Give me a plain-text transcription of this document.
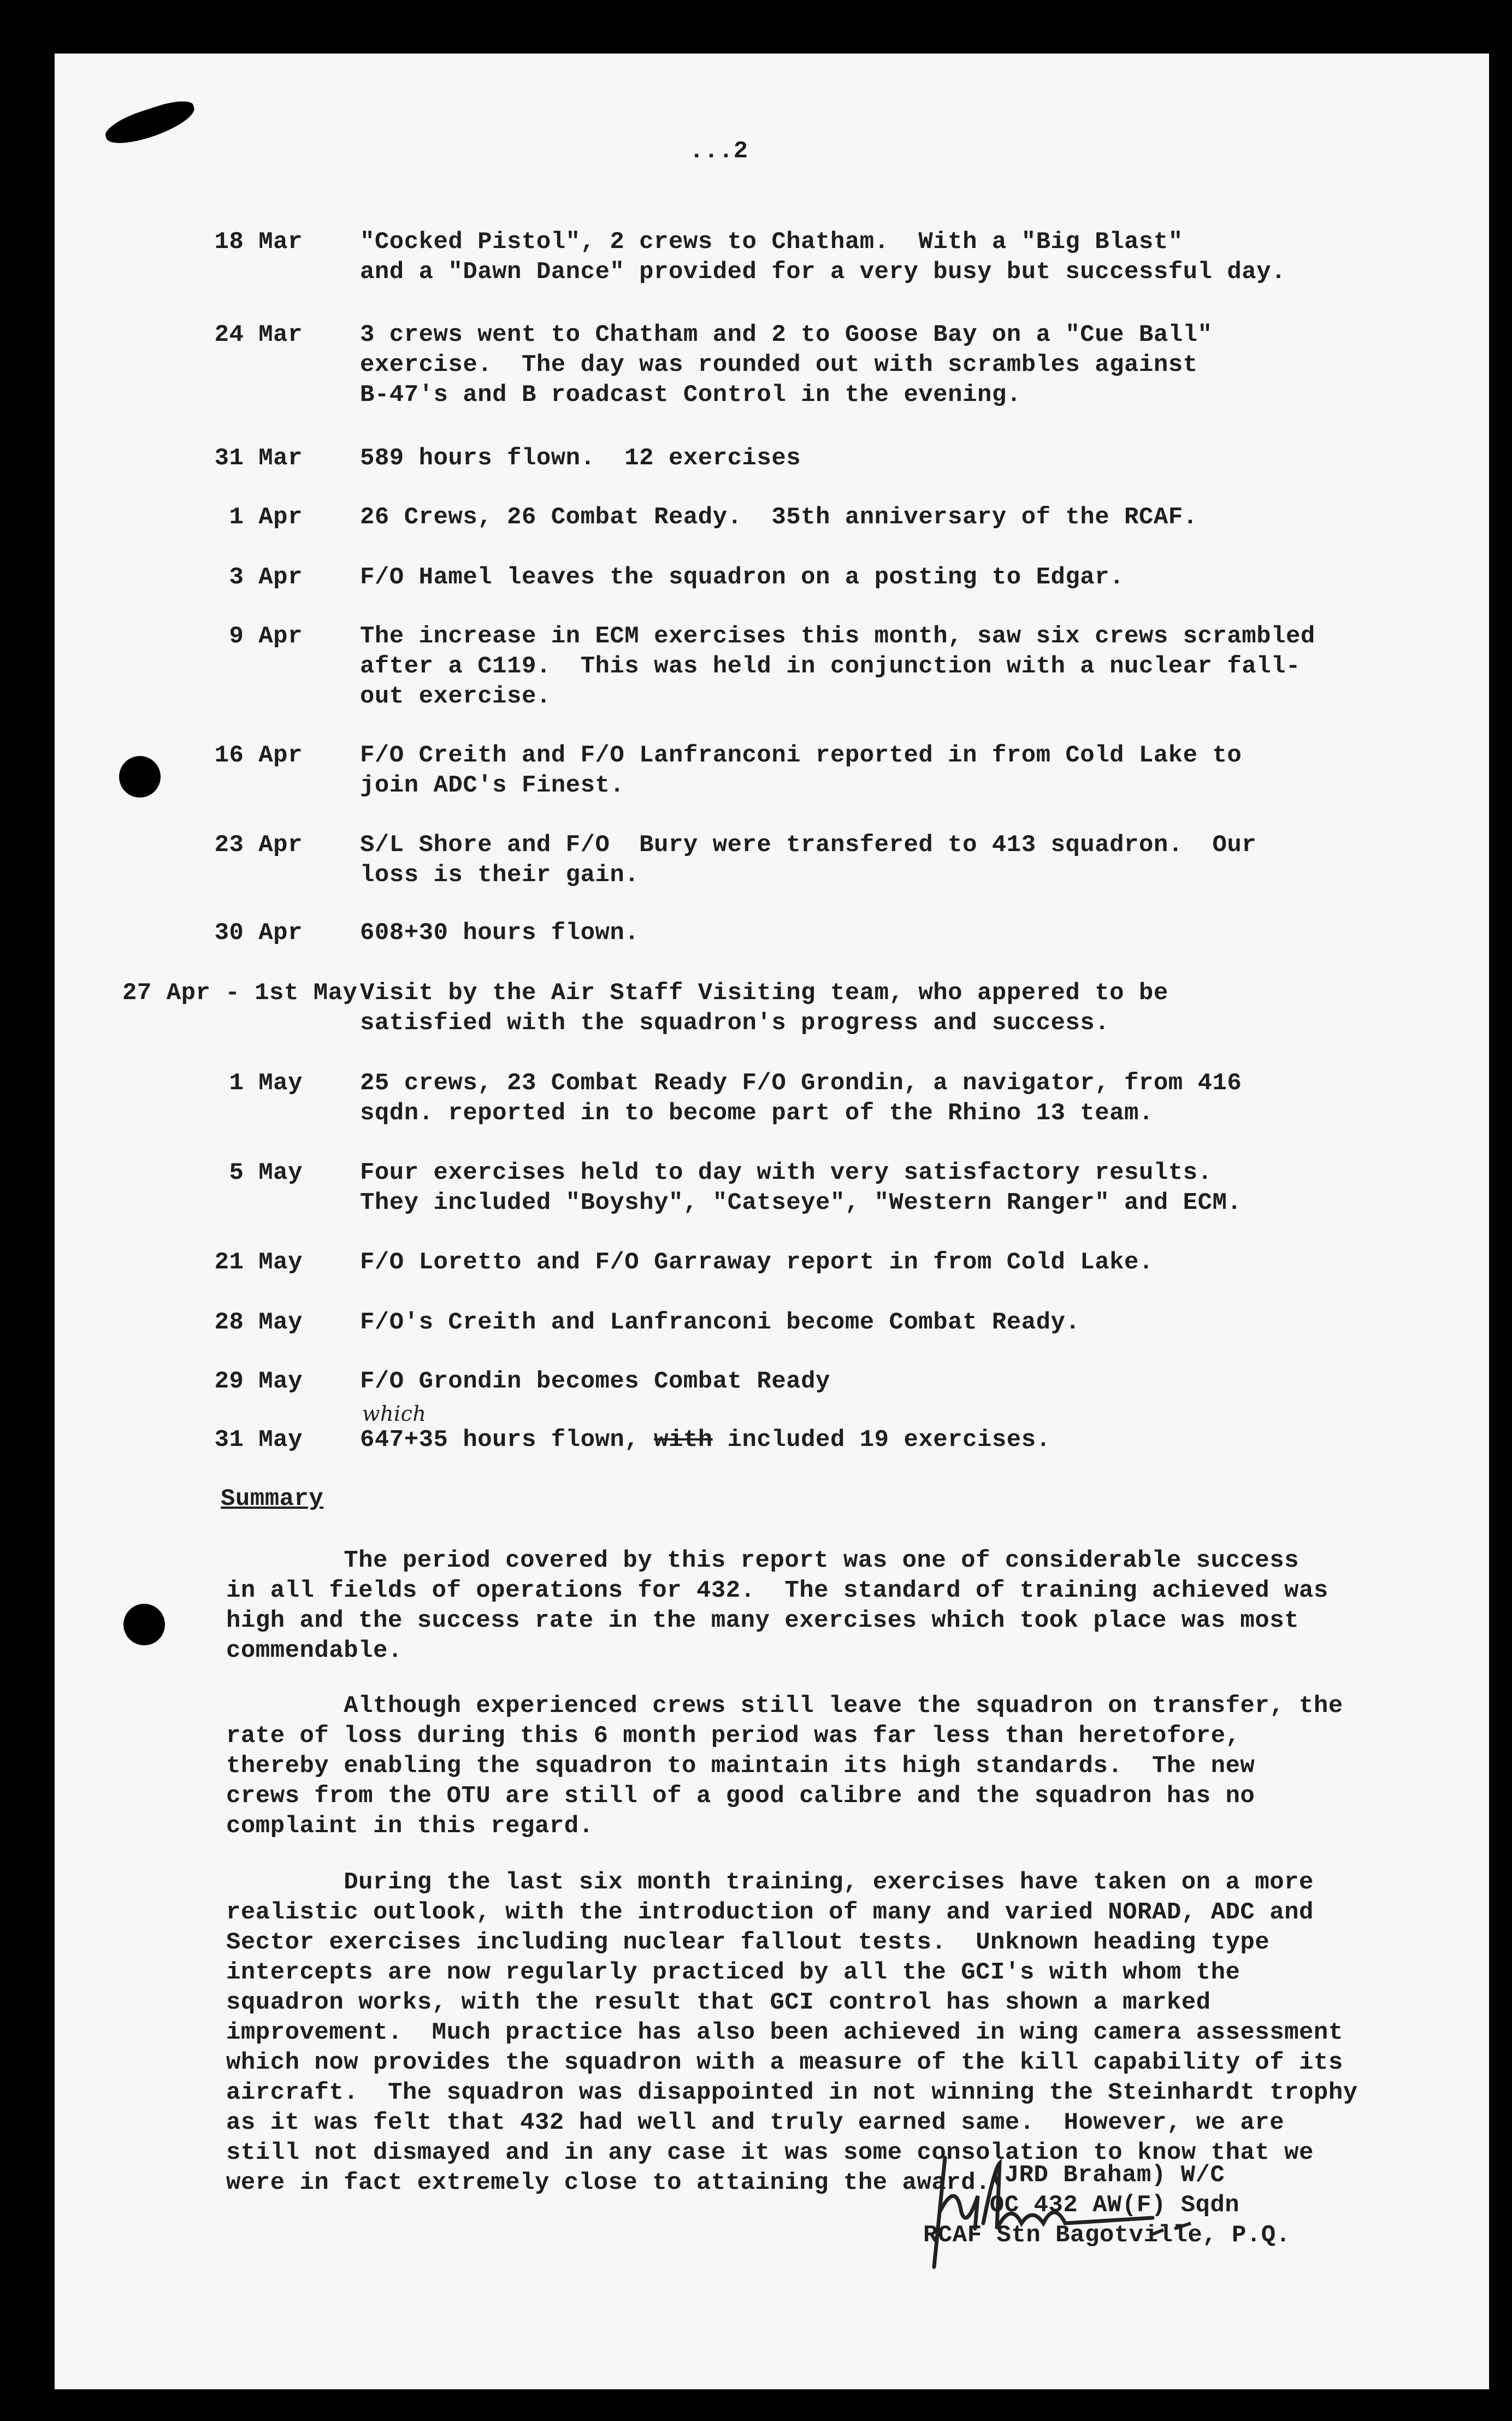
...2
18 Mar "Cocked Pistol", 2 crews to Chatham.  With a "Big Blast"
and a "Dawn Dance" provided for a very busy but successful day.
24 Mar 3 crews went to Chatham and 2 to Goose Bay on a "Cue Ball"
exercise.  The day was rounded out with scrambles against
B-47's and B roadcast Control in the evening.
31 Mar 589 hours flown.  12 exercises
1 Apr 26 Crews, 26 Combat Ready.  35th anniversary of the RCAF.
3 Apr F/O Hamel leaves the squadron on a posting to Edgar.
9 Apr The increase in ECM exercises this month, saw six crews scrambled
after a C119.  This was held in conjunction with a nuclear fall-
out exercise.
16 Apr F/O Creith and F/O Lanfranconi reported in from Cold Lake to
join ADC's Finest.
23 Apr S/L Shore and F/O  Bury were transfered to 413 squadron.  Our
loss is their gain.
30 Apr 608+30 hours flown.
27 Apr - 1st May Visit by the Air Staff Visiting team, who appered to be
satisfied with the squadron's progress and success.
1 May 25 crews, 23 Combat Ready F/O Grondin, a navigator, from 416
sqdn. reported in to become part of the Rhino 13 team.
5 May Four exercises held to day with very satisfactory results.
They included "Boyshy", "Catseye", "Western Ranger" and ECM.
21 May F/O Loretto and F/O Garraway report in from Cold Lake.
28 May F/O's Creith and Lanfranconi become Combat Ready.
29 May F/O Grondin becomes Combat Ready
31 May 647+35 hours flown, with
which
included 19 exercises.
Summary
The period covered by this report was one of considerable success
in all fields of operations for 432.  The standard of training achieved was
high and the success rate in the many exercises which took place was most
commendable.
Although experienced crews still leave the squadron on transfer, the
rate of loss during this 6 month period was far less than heretofore,
thereby enabling the squadron to maintain its high standards.  The new
crews from the OTU are still of a good calibre and the squadron has no
complaint in this regard.
During the last six month training, exercises have taken on a more
realistic outlook, with the introduction of many and varied NORAD, ADC and
Sector exercises including nuclear fallout tests.  Unknown heading type
intercepts are now regularly practiced by all the GCI's with whom the
squadron works, with the result that GCI control has shown a marked
improvement.  Much practice has also been achieved in wing camera assessment
which now provides the squadron with a measure of the kill capability of its
aircraft.  The squadron was disappointed in not winning the Steinhardt trophy
as it was felt that 432 had well and truly earned same.  However, we are
still not dismayed and in any case it was some consolation to know that we
were in fact extremely close to attaining the award.

(JRD Braham) W/C

OC 432 AW(F) Sqdn

RCAF Stn Bagotville, P.Q.
